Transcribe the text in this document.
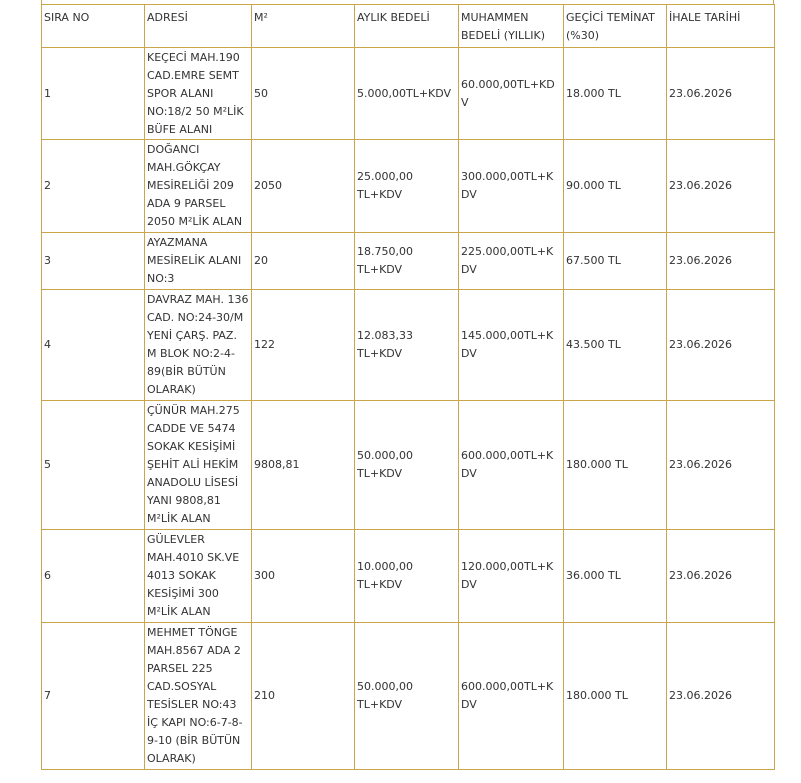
SIRA NO	ADRESİ	M²	AYLIK BEDELİ	MUHAMMEN BEDELİ (YILLIK)	GEÇİCİ TEMİNAT (%30)	İHALE TARİHİ
1	KEÇECİ MAH.190 CAD.EMRE SEMT SPOR ALANI NO:18/2 50 M²LİK BÜFE ALANI	50	5.000,00TL+KDV	60.000,00TL+KDV	18.000 TL	23.06.2026
2	DOĞANCI MAH.GÖKÇAY MESİRELİĞİ 209 ADA 9 PARSEL 2050 M²LİK ALAN	2050	25.000,00 TL+KDV	300.000,00TL+KDV	90.000 TL	23.06.2026
3	AYAZMANA MESİRELİK ALANI NO:3	20	18.750,00 TL+KDV	225.000,00TL+KDV	67.500 TL	23.06.2026
4	DAVRAZ MAH. 136 CAD. NO:24-30/M YENİ ÇARŞ. PAZ. M BLOK NO:2-4-89(BİR BÜTÜN OLARAK)	122	12.083,33 TL+KDV	145.000,00TL+KDV	43.500 TL	23.06.2026
5	ÇÜNÜR MAH.275 CADDE VE 5474 SOKAK KESİŞİMİ ŞEHİT ALİ HEKİM ANADOLU LİSESİ YANI 9808,81 M²LİK ALAN	9808,81	50.000,00 TL+KDV	600.000,00TL+KDV	180.000 TL	23.06.2026
6	GÜLEVLER MAH.4010 SK.VE 4013 SOKAK KESİŞİMİ 300 M²LİK ALAN	300	10.000,00 TL+KDV	120.000,00TL+KDV	36.000 TL	23.06.2026
7	MEHMET TÖNGE MAH.8567 ADA 2 PARSEL 225 CAD.SOSYAL TESİSLER NO:43 İÇ KAPI NO:6-7-8-9-10 (BİR BÜTÜN OLARAK)	210	50.000,00 TL+KDV	600.000,00TL+KDV	180.000 TL	23.06.2026
